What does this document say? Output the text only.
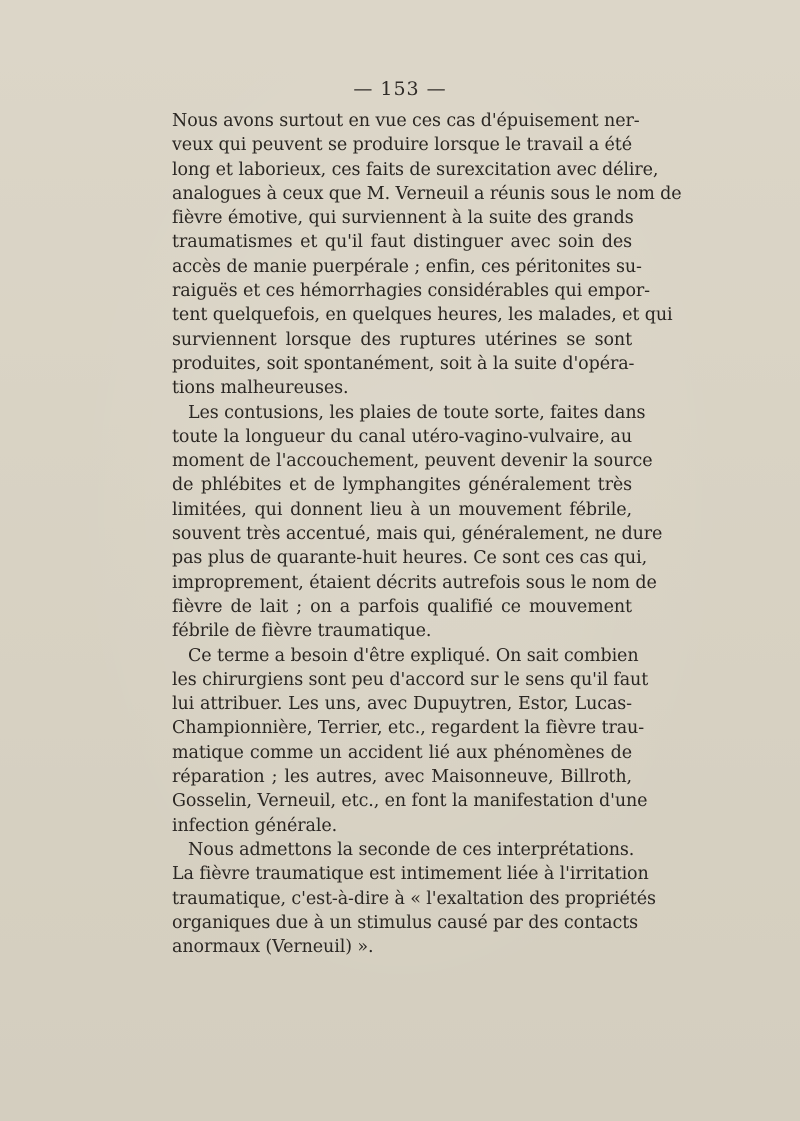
— 153 —
Nous avons surtout en vue ces cas d'épuisement ner-
veux qui peuvent se produire lorsque le travail a été
long et laborieux, ces faits de surexcitation avec délire,
analogues à ceux que M. Verneuil a réunis sous le nom de
fièvre émotive, qui surviennent à la suite des grands
traumatismes et qu'il faut distinguer avec soin des
accès de manie puerpérale ; enfin, ces péritonites su-
raiguës et ces hémorrhagies considérables qui empor-
tent quelquefois, en quelques heures, les malades, et qui
surviennent lorsque des ruptures utérines se sont
produites, soit spontanément, soit à la suite d'opéra-
tions malheureuses.
Les contusions, les plaies de toute sorte, faites dans
toute la longueur du canal utéro-vagino-vulvaire, au
moment de l'accouchement, peuvent devenir la source
de phlébites et de lymphangites généralement très
limitées, qui donnent lieu à un mouvement fébrile,
souvent très accentué, mais qui, généralement, ne dure
pas plus de quarante-huit heures. Ce sont ces cas qui,
improprement, étaient décrits autrefois sous le nom de
fièvre de lait ; on a parfois qualifié ce mouvement
fébrile de fièvre traumatique.
Ce terme a besoin d'être expliqué. On sait combien
les chirurgiens sont peu d'accord sur le sens qu'il faut
lui attribuer. Les uns, avec Dupuytren, Estor, Lucas-
Championnière, Terrier, etc., regardent la fièvre trau-
matique comme un accident lié aux phénomènes de
réparation ; les autres, avec Maisonneuve, Billroth,
Gosselin, Verneuil, etc., en font la manifestation d'une
infection générale.
Nous admettons la seconde de ces interprétations.
La fièvre traumatique est intimement liée à l'irritation
traumatique, c'est-à-dire à « l'exaltation des propriétés
organiques due à un stimulus causé par des contacts
anormaux (Verneuil) ».
